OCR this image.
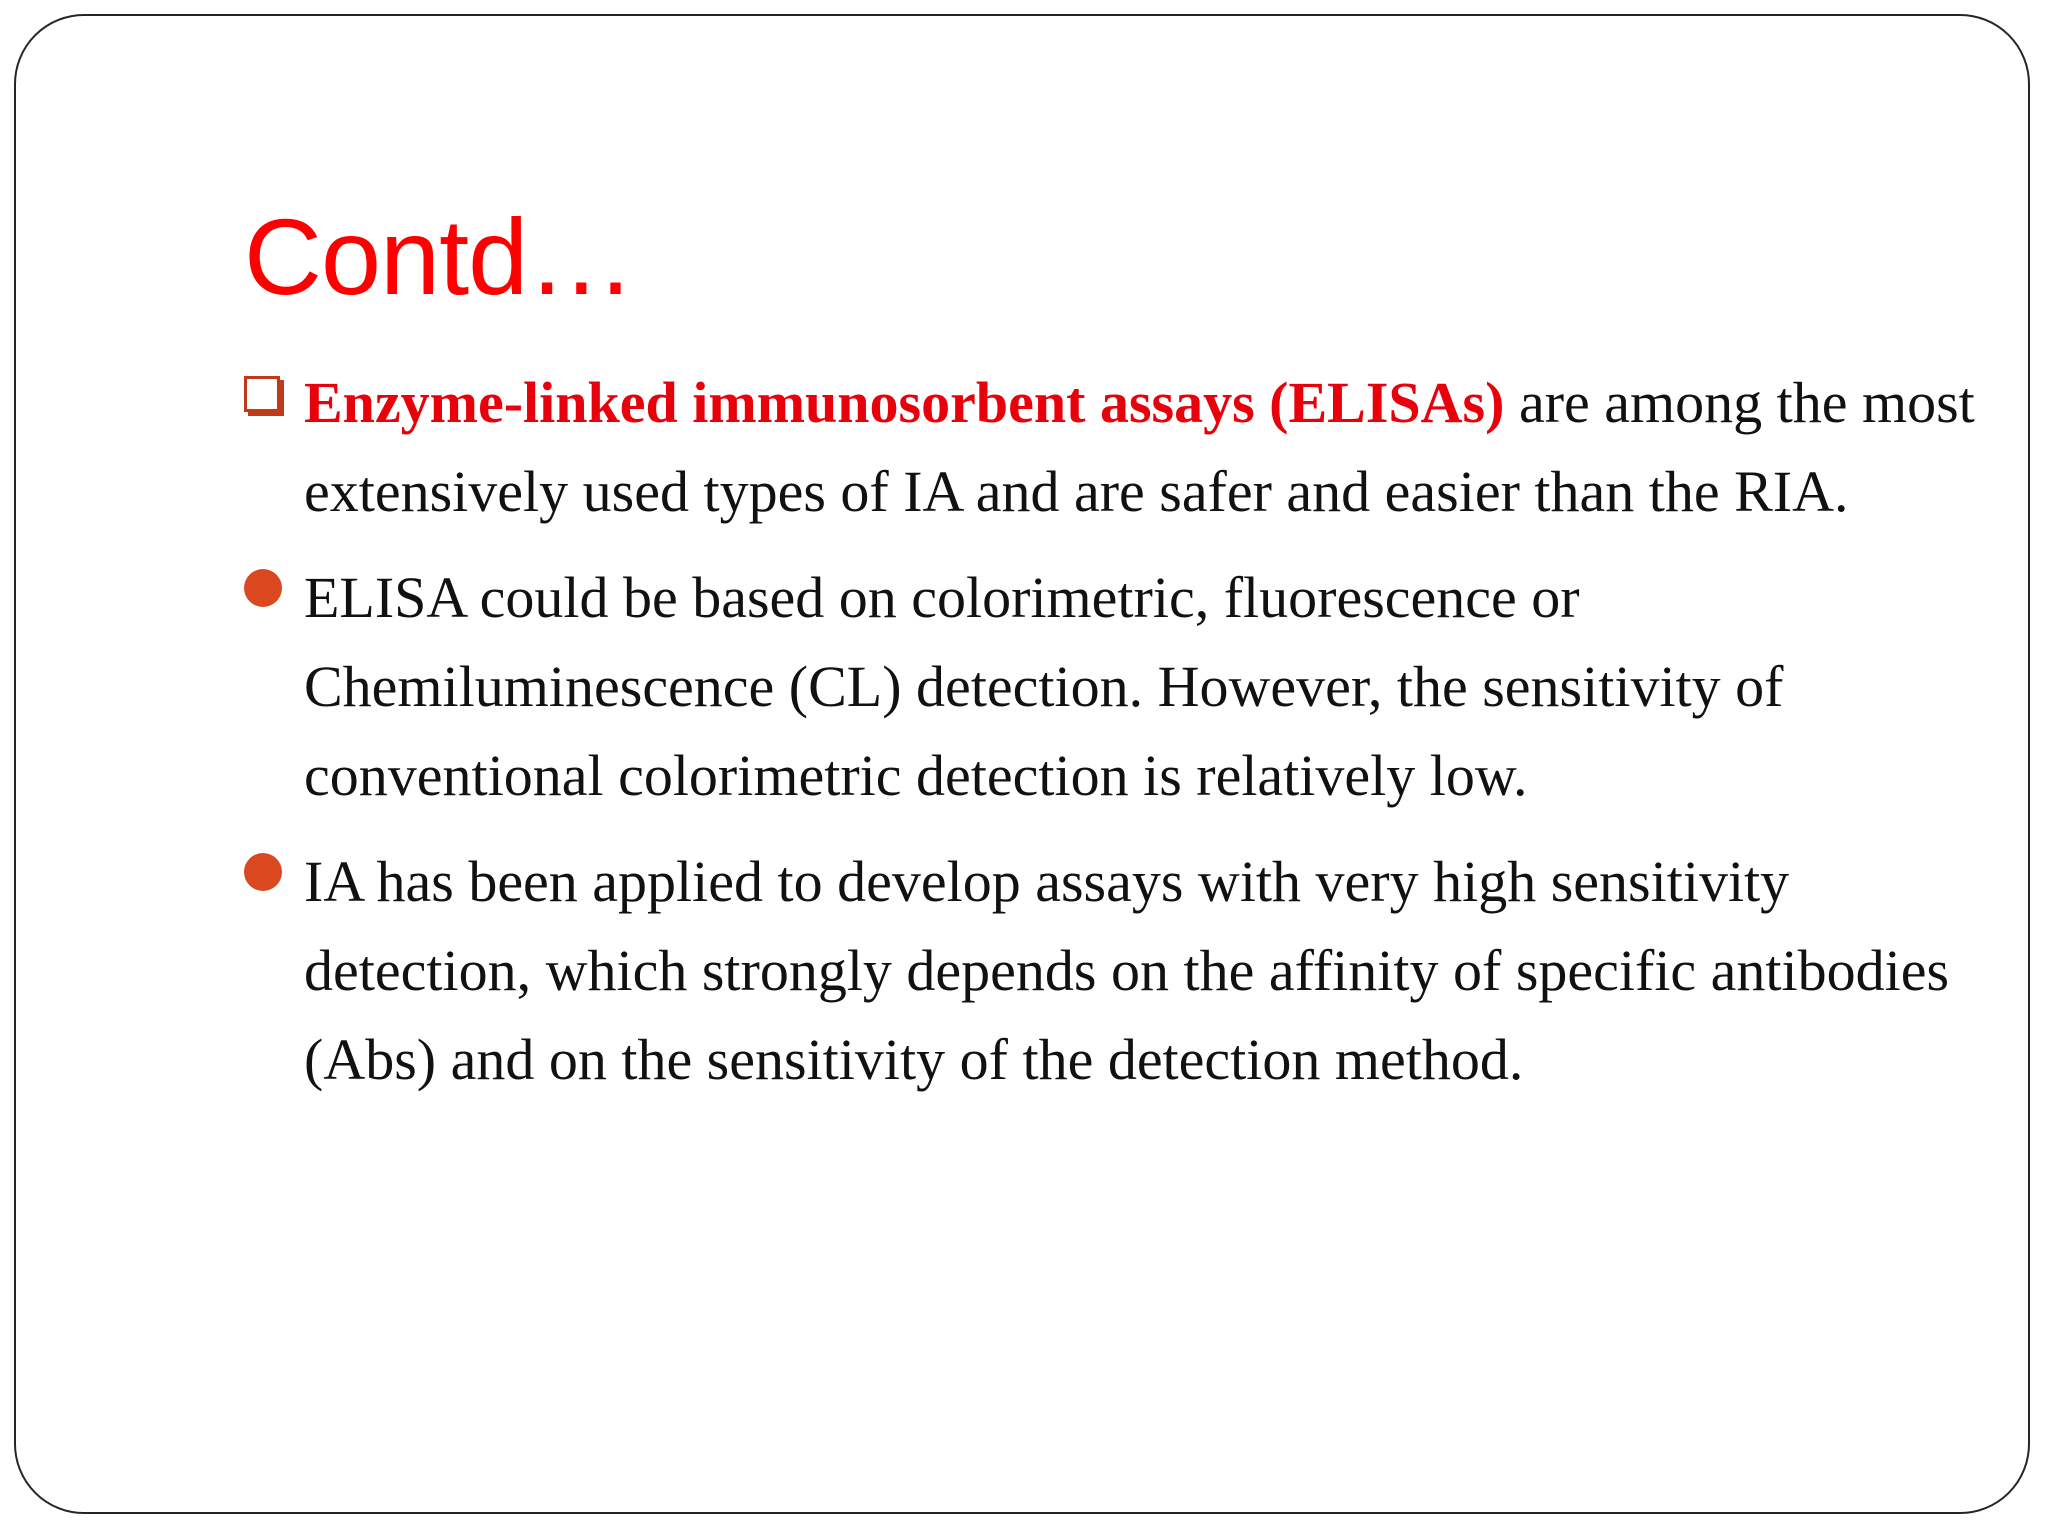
Contd…
Enzyme-linked immunosorbent assays (ELISAs) are among the most extensively used types of IA and are safer and easier than the RIA.
ELISA could be based on colorimetric, fluorescence or Chemiluminescence (CL) detection. However, the sensitivity of conventional colorimetric detection is relatively low.
IA has been applied to develop assays with very high sensitivity detection, which strongly depends on the affinity of specific antibodies (Abs) and on the sensitivity of the detection method.
